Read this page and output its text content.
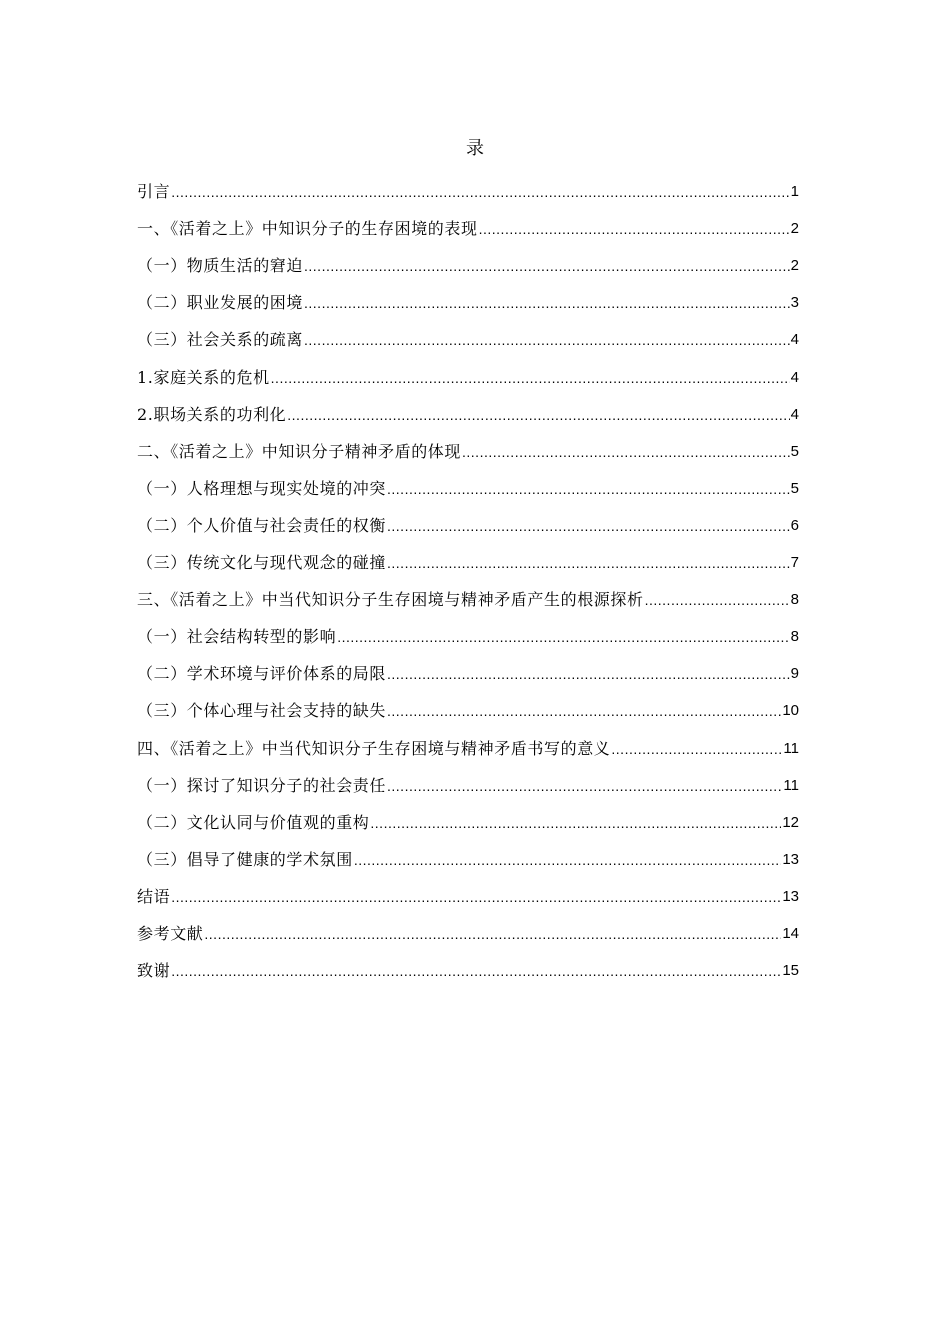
录
引言 .....	1
一、《活着之上》中知识分子的生存困境的表现 .....	2
（一）物质生活的窘迫 .....	2
（二）职业发展的困境 .....	3
（三）社会关系的疏离 .....	4
1.家庭关系的危机 .....	4
2.职场关系的功利化 .....	4
二、《活着之上》中知识分子精神矛盾的体现 .....	5
（一）人格理想与现实处境的冲突 .....	5
（二）个人价值与社会责任的权衡 .....	6
（三）传统文化与现代观念的碰撞 .....	7
三、《活着之上》中当代知识分子生存困境与精神矛盾产生的根源探析 .....	8
（一）社会结构转型的影响 .....	8
（二）学术环境与评价体系的局限 .....	9
（三）个体心理与社会支持的缺失 .....	10
四、《活着之上》中当代知识分子生存困境与精神矛盾书写的意义 .....	11
（一）探讨了知识分子的社会责任 .....	11
（二）文化认同与价值观的重构 .....	12
（三）倡导了健康的学术氛围 .....	13
结语 .....	13
参考文献 .....	14
致谢 .....	15
